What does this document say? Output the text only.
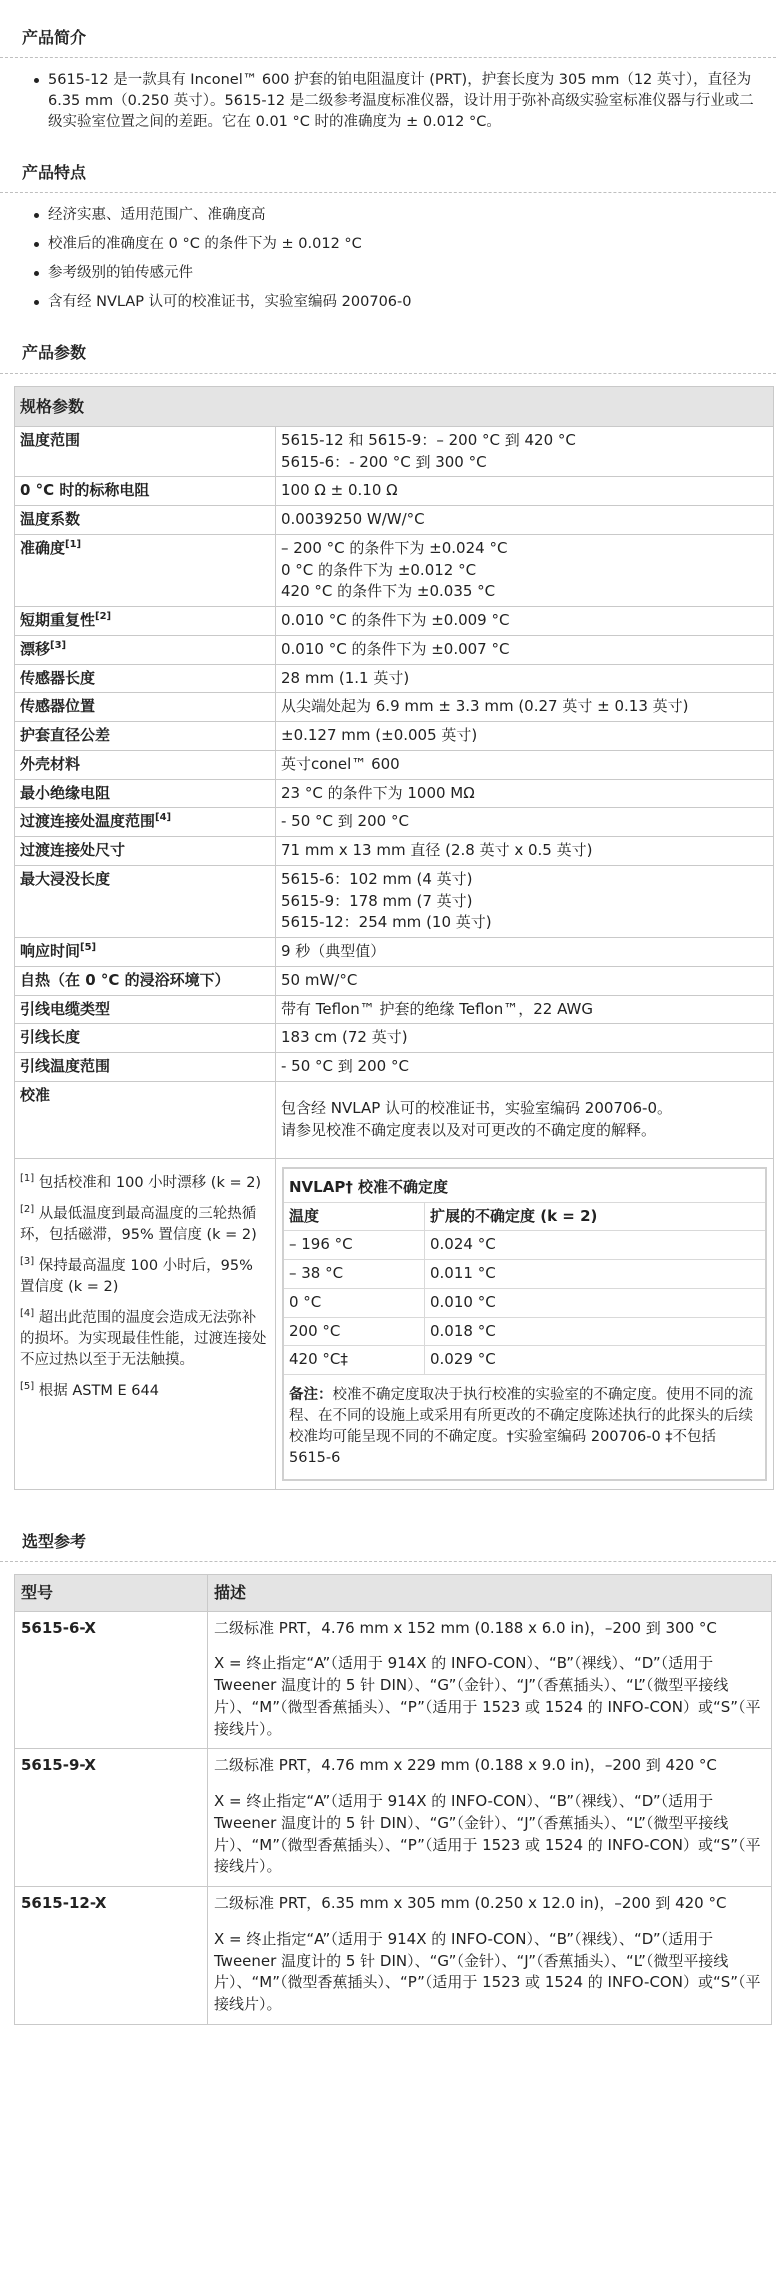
产品简介
5615-12 是一款具有 Inconel™ 600 护套的铂电阻温度计 (PRT)，护套长度为 305 mm（12 英寸），直径为 6.35 mm（0.250 英寸）。5615-12 是二级参考温度标准仪器，设计用于弥补高级实验室标准仪器与行业或二级实验室位置之间的差距。它在 0.01 °C 时的准确度为 ± 0.012 °C。
产品特点
经济实惠、适用范围广、准确度高
校准后的准确度在 0 °C 的条件下为 ± 0.012 °C
参考级别的铂传感元件
含有经 NVLAP 认可的校准证书，实验室编码 200706-0
产品参数
规格参数
温度范围	5615-12 和 5615-9：– 200 °C 到 420 °C
5615-6：- 200 °C 到 300 °C

0 °C 时的标称电阻	100 Ω ± 0.10 Ω

温度系数	0.0039250 W/W/°C

准确度[1]	– 200 °C 的条件下为 ±0.024 °C
0 °C 的条件下为 ±0.012 °C
420 °C 的条件下为 ±0.035 °C

短期重复性[2]	0.010 °C 的条件下为 ±0.009 °C

漂移[3]	0.010 °C 的条件下为 ±0.007 °C

传感器长度	28 mm (1.1 英寸)

传感器位置	从尖端处起为 6.9 mm ± 3.3 mm (0.27 英寸 ± 0.13 英寸)

护套直径公差	±0.127 mm (±0.005 英寸)

外壳材料	英寸conel™ 600

最小绝缘电阻	23 °C 的条件下为 1000 MΩ

过渡连接处温度范围[4]	- 50 °C 到 200 °C

过渡连接处尺寸	71 mm x 13 mm 直径 (2.8 英寸 x 0.5 英寸)

最大浸没长度	5615-6：102 mm (4 英寸)
5615-9：178 mm (7 英寸)
5615-12：254 mm (10 英寸)

响应时间[5]	9 秒（典型值）

自热（在 0 °C 的浸浴环境下）	50 mW/°C

引线电缆类型	带有 Teflon™ 护套的绝缘 Teflon™，22 AWG

引线长度	183 cm (72 英寸)

引线温度范围	- 50 °C 到 200 °C

校准	
包含经 NVLAP 认可的校准证书，实验室编码 200706-0。
请参见校准不确定度表以及对可更改的不确定度的解释。

[1] 包括校准和 100 小时漂移 (k = 2)

[2] 从最低温度到最高温度的三轮热循环，包括磁滞，95% 置信度 (k = 2)

[3] 保持最高温度 100 小时后，95% 置信度 (k = 2)

[4] 超出此范围的温度会造成无法弥补的损坏。为实现最佳性能，过渡连接处不应过热以至于无法触摸。

[5] 根据 ASTM E 644

NVLAP† 校准不确定度
温度	扩展的不确定度 (k = 2)
– 196 °C	0.024 °C
– 38 °C	0.011 °C
0 °C	0.010 °C
200 °C	0.018 °C
420 °C‡	0.029 °C
备注：校准不确定度取决于执行校准的实验室的不确定度。使用不同的流程、在不同的设施上或采用有所更改的不确定度陈述执行的此探头的后续校准均可能呈现不同的不确定度。†实验室编码 200706-0 ‡不包括 5615-6
选型参考
型号	描述
5615-6-X	二级标准 PRT，4.76 mm x 152 mm (0.188 x 6.0 in)，–200 到 300 °C

X = 终止指定“A”（适用于 914X 的 INFO-CON）、“B”（裸线）、“D”（适用于 Tweener 温度计的 5 针 DIN）、“G”（金针）、“J”（香蕉插头）、“L”（微型平接线片）、“M”（微型香蕉插头）、“P”（适用于 1523 或 1524 的 INFO-CON）或“S”（平接线片）。

5615-9-X	二级标准 PRT，4.76 mm x 229 mm (0.188 x 9.0 in)，–200 到 420 °C

X = 终止指定“A”（适用于 914X 的 INFO-CON）、“B”（裸线）、“D”（适用于 Tweener 温度计的 5 针 DIN）、“G”（金针）、“J”（香蕉插头）、“L”（微型平接线片）、“M”（微型香蕉插头）、“P”（适用于 1523 或 1524 的 INFO-CON）或“S”（平接线片）。

5615-12-X	二级标准 PRT，6.35 mm x 305 mm (0.250 x 12.0 in)，–200 到 420 °C

X = 终止指定“A”（适用于 914X 的 INFO-CON）、“B”（裸线）、“D”（适用于 Tweener 温度计的 5 针 DIN）、“G”（金针）、“J”（香蕉插头）、“L”（微型平接线片）、“M”（微型香蕉插头）、“P”（适用于 1523 或 1524 的 INFO-CON）或“S”（平接线片）。
